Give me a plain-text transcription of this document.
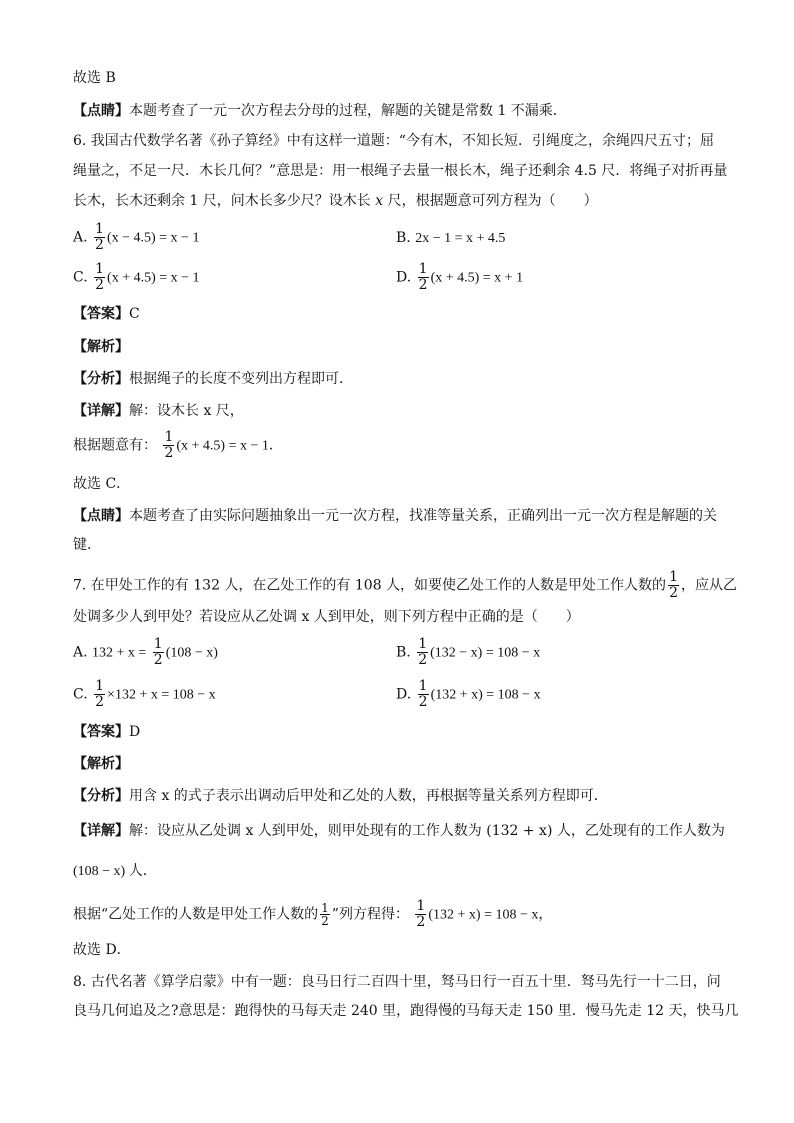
故选 B
【点睛】本题考查了一元一次方程去分母的过程，解题的关键是常数 1 不漏乘．
6. 我国古代数学名著《孙子算经》中有这样一道题：“今有木，不知长短．引绳度之，余绳四尺五寸；屈
绳量之，不足一尺．木长几何？”意思是：用一根绳子去量一根长木，绳子还剩余 4.5 尺．将绳子对折再量
长木，长木还剩余 1 尺，问木长多少尺？设木长 x 尺，根据题意可列方程为（　　）
A. $\frac{1}{2} (x - 4.5) = x - 1$	B. 2x − 1 = x + 4.5
C. $\frac{1}{2} (x + 4.5) = x - 1$	D. $\frac{1}{2} (x + 4.5) = x + 1$
【答案】C
【解析】
【分析】根据绳子的长度不变列出方程即可．
【详解】解：设木长 x 尺，
根据题意有： $\frac{1}{2} (x + 4.5) = x - 1$．
故选 C．
【点睛】本题考查了由实际问题抽象出一元一次方程，找准等量关系，正确列出一元一次方程是解题的关
键．
7. 在甲处工作的有 132 人，在乙处工作的有 108 人，如要使乙处工作的人数是甲处工作人数的 $\frac{1}{2}$ ，应从乙
处调多少人到甲处？若设应从乙处调 x 人到甲处，则下列方程中正确的是（　　）
A. $132 + x = \frac{1}{2} (108 - x)$	B. $\frac{1}{2} (132 - x) = 108 - x$
C. $\frac{1}{2} \times 132 + x = 108 - x$	D. $\frac{1}{2} (132 + x) = 108 - x$
【答案】D
【解析】
【分析】用含 x 的式子表示出调动后甲处和乙处的人数，再根据等量关系列方程即可．
【详解】解：设应从乙处调 x 人到甲处，则甲处现有的工作人数为 (132 + x) 人，乙处现有的工作人数为
(108 − x) 人．
根据“乙处工作的人数是甲处工作人数的 $\frac{1}{2}$ ”列方程得： $\frac{1}{2} (132 + x) = 108 - x$，
故选 D．
8. 古代名著《算学启蒙》中有一题：良马日行二百四十里，驽马日行一百五十里．驽马先行一十二日，问
良马几何追及之?意思是：跑得快的马每天走 240 里，跑得慢的马每天走 150 里．慢马先走 12 天，快马几
